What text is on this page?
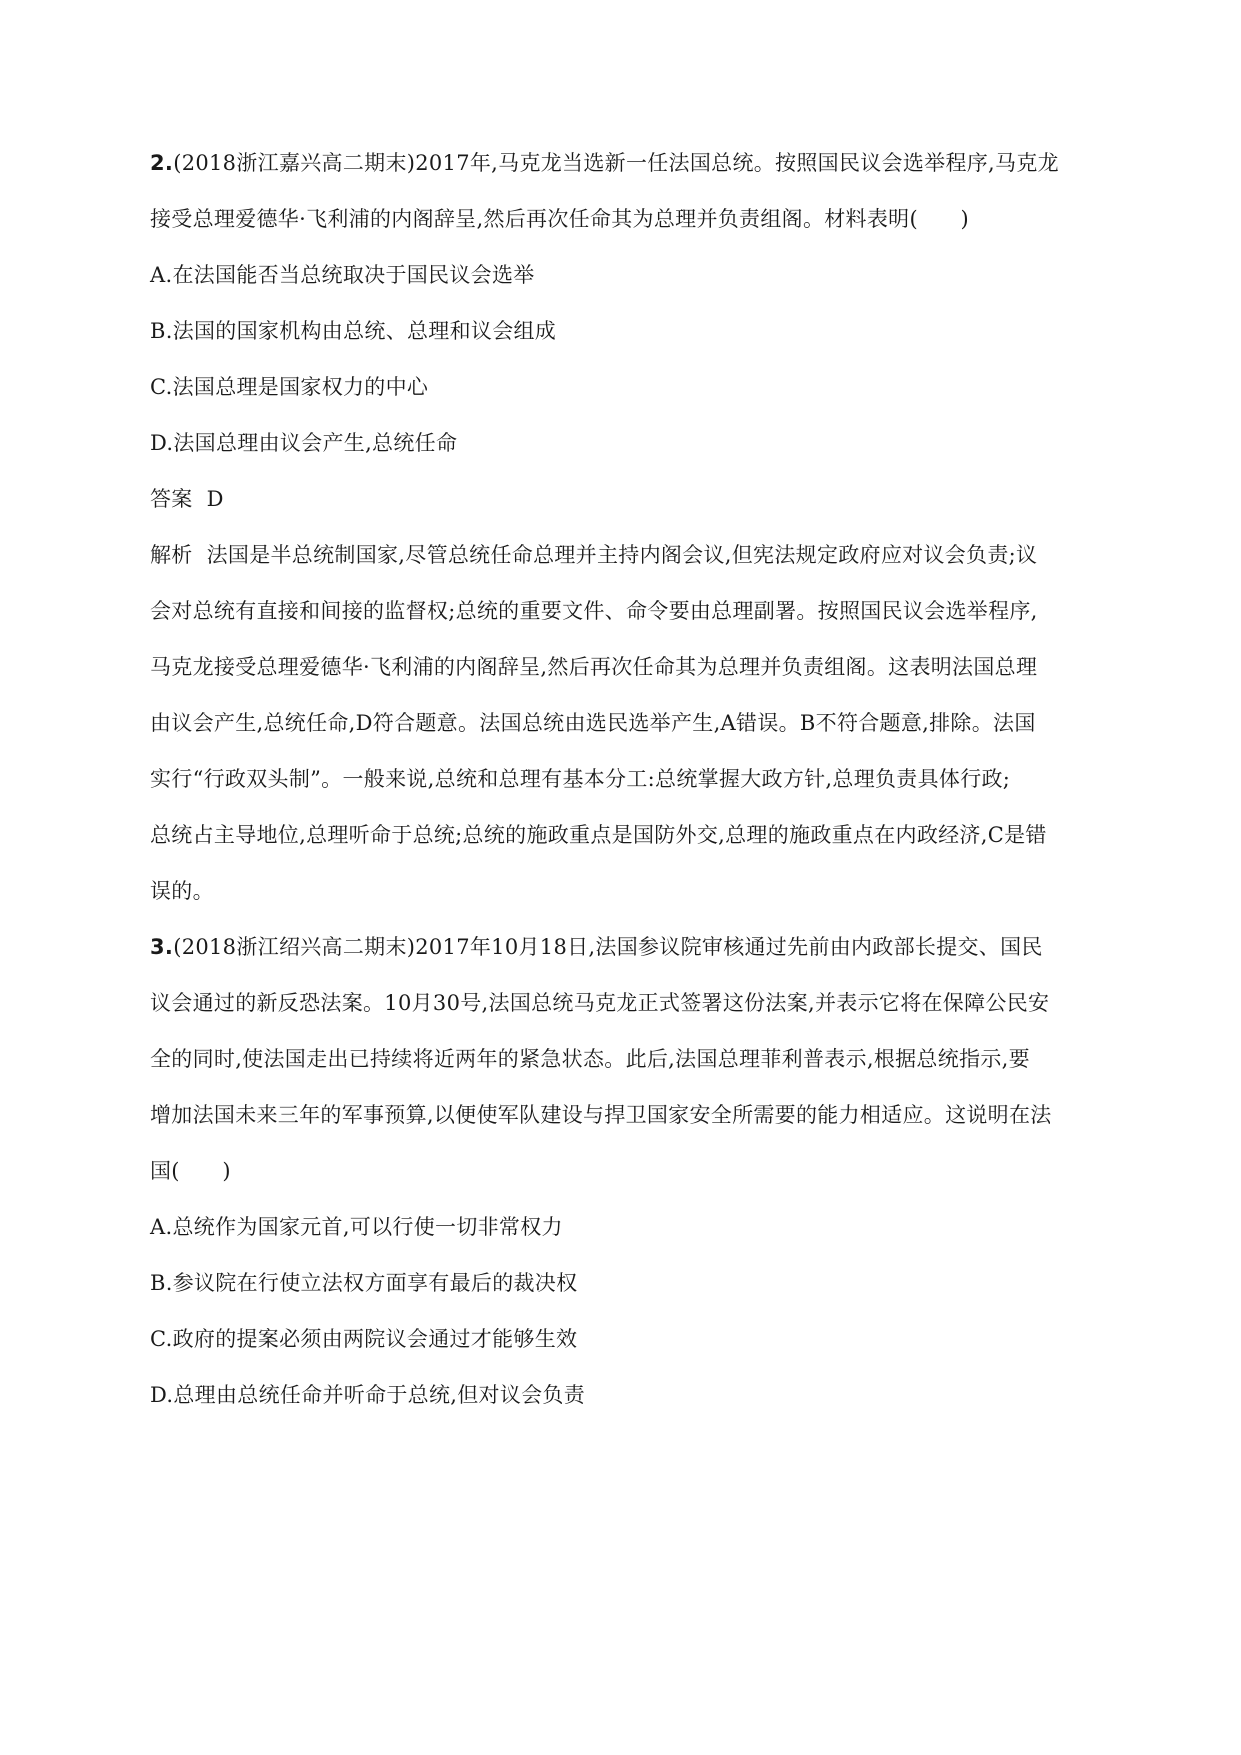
2.(2018浙江嘉兴高二期末)2017年,马克龙当选新一任法国总统。按照国民议会选举程序,马克龙
接受总理爱德华·飞利浦的内阁辞呈,然后再次任命其为总理并负责组阁。材料表明(　　)
A.在法国能否当总统取决于国民议会选举
B.法国的国家机构由总统、总理和议会组成
C.法国总理是国家权力的中心
D.法国总理由议会产生,总统任命
答案 D
解析 法国是半总统制国家,尽管总统任命总理并主持内阁会议,但宪法规定政府应对议会负责;议
会对总统有直接和间接的监督权;总统的重要文件、命令要由总理副署。按照国民议会选举程序,
马克龙接受总理爱德华·飞利浦的内阁辞呈,然后再次任命其为总理并负责组阁。这表明法国总理
由议会产生,总统任命,D符合题意。法国总统由选民选举产生,A错误。B不符合题意,排除。法国
实行“行政双头制”。一般来说,总统和总理有基本分工:总统掌握大政方针,总理负责具体行政;
总统占主导地位,总理听命于总统;总统的施政重点是国防外交,总理的施政重点在内政经济,C是错
误的。
3.(2018浙江绍兴高二期末)2017年10月18日,法国参议院审核通过先前由内政部长提交、国民
议会通过的新反恐法案。10月30号,法国总统马克龙正式签署这份法案,并表示它将在保障公民安
全的同时,使法国走出已持续将近两年的紧急状态。此后,法国总理菲利普表示,根据总统指示,要
增加法国未来三年的军事预算,以便使军队建设与捍卫国家安全所需要的能力相适应。这说明在法
国(　　)
A.总统作为国家元首,可以行使一切非常权力
B.参议院在行使立法权方面享有最后的裁决权
C.政府的提案必须由两院议会通过才能够生效
D.总理由总统任命并听命于总统,但对议会负责
